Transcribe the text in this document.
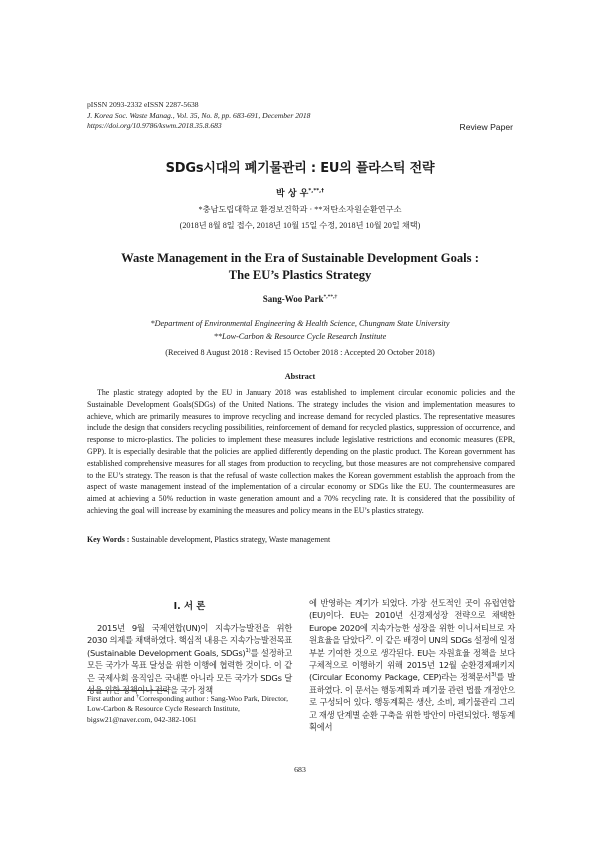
pISSN 2093-2332 eISSN 2287-5638
J. Korea Soc. Waste Manag., Vol. 35, No. 8, pp. 683-691, December 2018
https://doi.org/10.9786/kswm.2018.35.8.683	Review Paper
SDGs시대의 폐기물관리 : EU의 플라스틱 전략
박 상 우*,**,†
*충남도립대학교 환경보건학과 · **저탄소자원순환연구소
(2018년 8월 8일 접수, 2018년 10월 15일 수정, 2018년 10월 20일 채택)
Waste Management in the Era of Sustainable Development Goals :
The EU’s Plastics Strategy
Sang-Woo Park*,**,†
*Department of Environmental Engineering & Health Science, Chungnam State University
**Low-Carbon & Resource Cycle Research Institute
(Received 8 August 2018 : Revised 15 October 2018 : Accepted 20 October 2018)
Abstract
The plastic strategy adopted by the EU in January 2018 was established to implement circular economic policies and the Sustainable Development Goals(SDGs) of the United Nations. The strategy includes the vision and implementation measures to achieve, which are primarily measures to improve recycling and increase demand for recycled plastics. The representative measures include the design that considers recycling possibilities, reinforcement of demand for recycled plastics, suppression of occurrence, and response to micro-plastics. The policies to implement these measures include legislative restrictions and economic measures (EPR, GPP). It is especially desirable that the policies are applied differently depending on the plastic product. The Korean government has established comprehensive measures for all stages from production to recycling, but those measures are not comprehensive compared to the EU’s strategy. The reason is that the refusal of waste collection makes the Korean government establish the approach from the aspect of waste management instead of the implementation of a circular economy or SDGs like the EU. The countermeasures are aimed at achieving a 50% reduction in waste generation amount and a 70% recycling rate. It is considered that the possibility of achieving the goal will increase by examining the measures and policy means in the EU’s plastics strategy.
Key Words : Sustainable development, Plastics strategy, Waste management
I. 서 론
2015년 9월 국제연합(UN)이 지속가능발전을 위한 2030 의제를 채택하였다. 핵심적 내용은 지속가능발전목표(Sustainable Development Goals, SDGs)$^{1)}$를 설정하고 모든 국가가 목표 달성을 위한 이행에 협력한 것이다. 이 같은 국제사회 움직임은 국내뿐 아니라 모든 국가가 SDGs 달성을 위한 정책이나 전략을 국가 정책
First author and †Corresponding author : Sang-Woo Park, Director, Low-Carbon & Resource Cycle Research Institute, bigsw21@naver.com, 042-382-1061
에 반영하는 계기가 되었다. 가장 선도적인 곳이 유럽연합(EU)이다. EU는 2010년 신경제성장 전략으로 채택한 Europe 2020에 지속가능한 성장을 위한 이니셔티브로 자원효율을 담았다$^{2)}$. 이 같은 배경이 UN의 SDGs 설정에 일정 부분 기여한 것으로 생각된다. EU는 자원효율 정책을 보다 구체적으로 이행하기 위해 2015년 12월 순환경제패키지(Circular Economy Package, CEP)라는 정책문서$^{3)}$를 발표하였다. 이 문서는 행동계획과 폐기물 관련 법률 개정안으로 구성되어 있다. 행동계획은 생산, 소비, 폐기물관리 그리고 재생 단계별 순환 구축을 위한 방안이 마련되었다. 행동계획에서
683
